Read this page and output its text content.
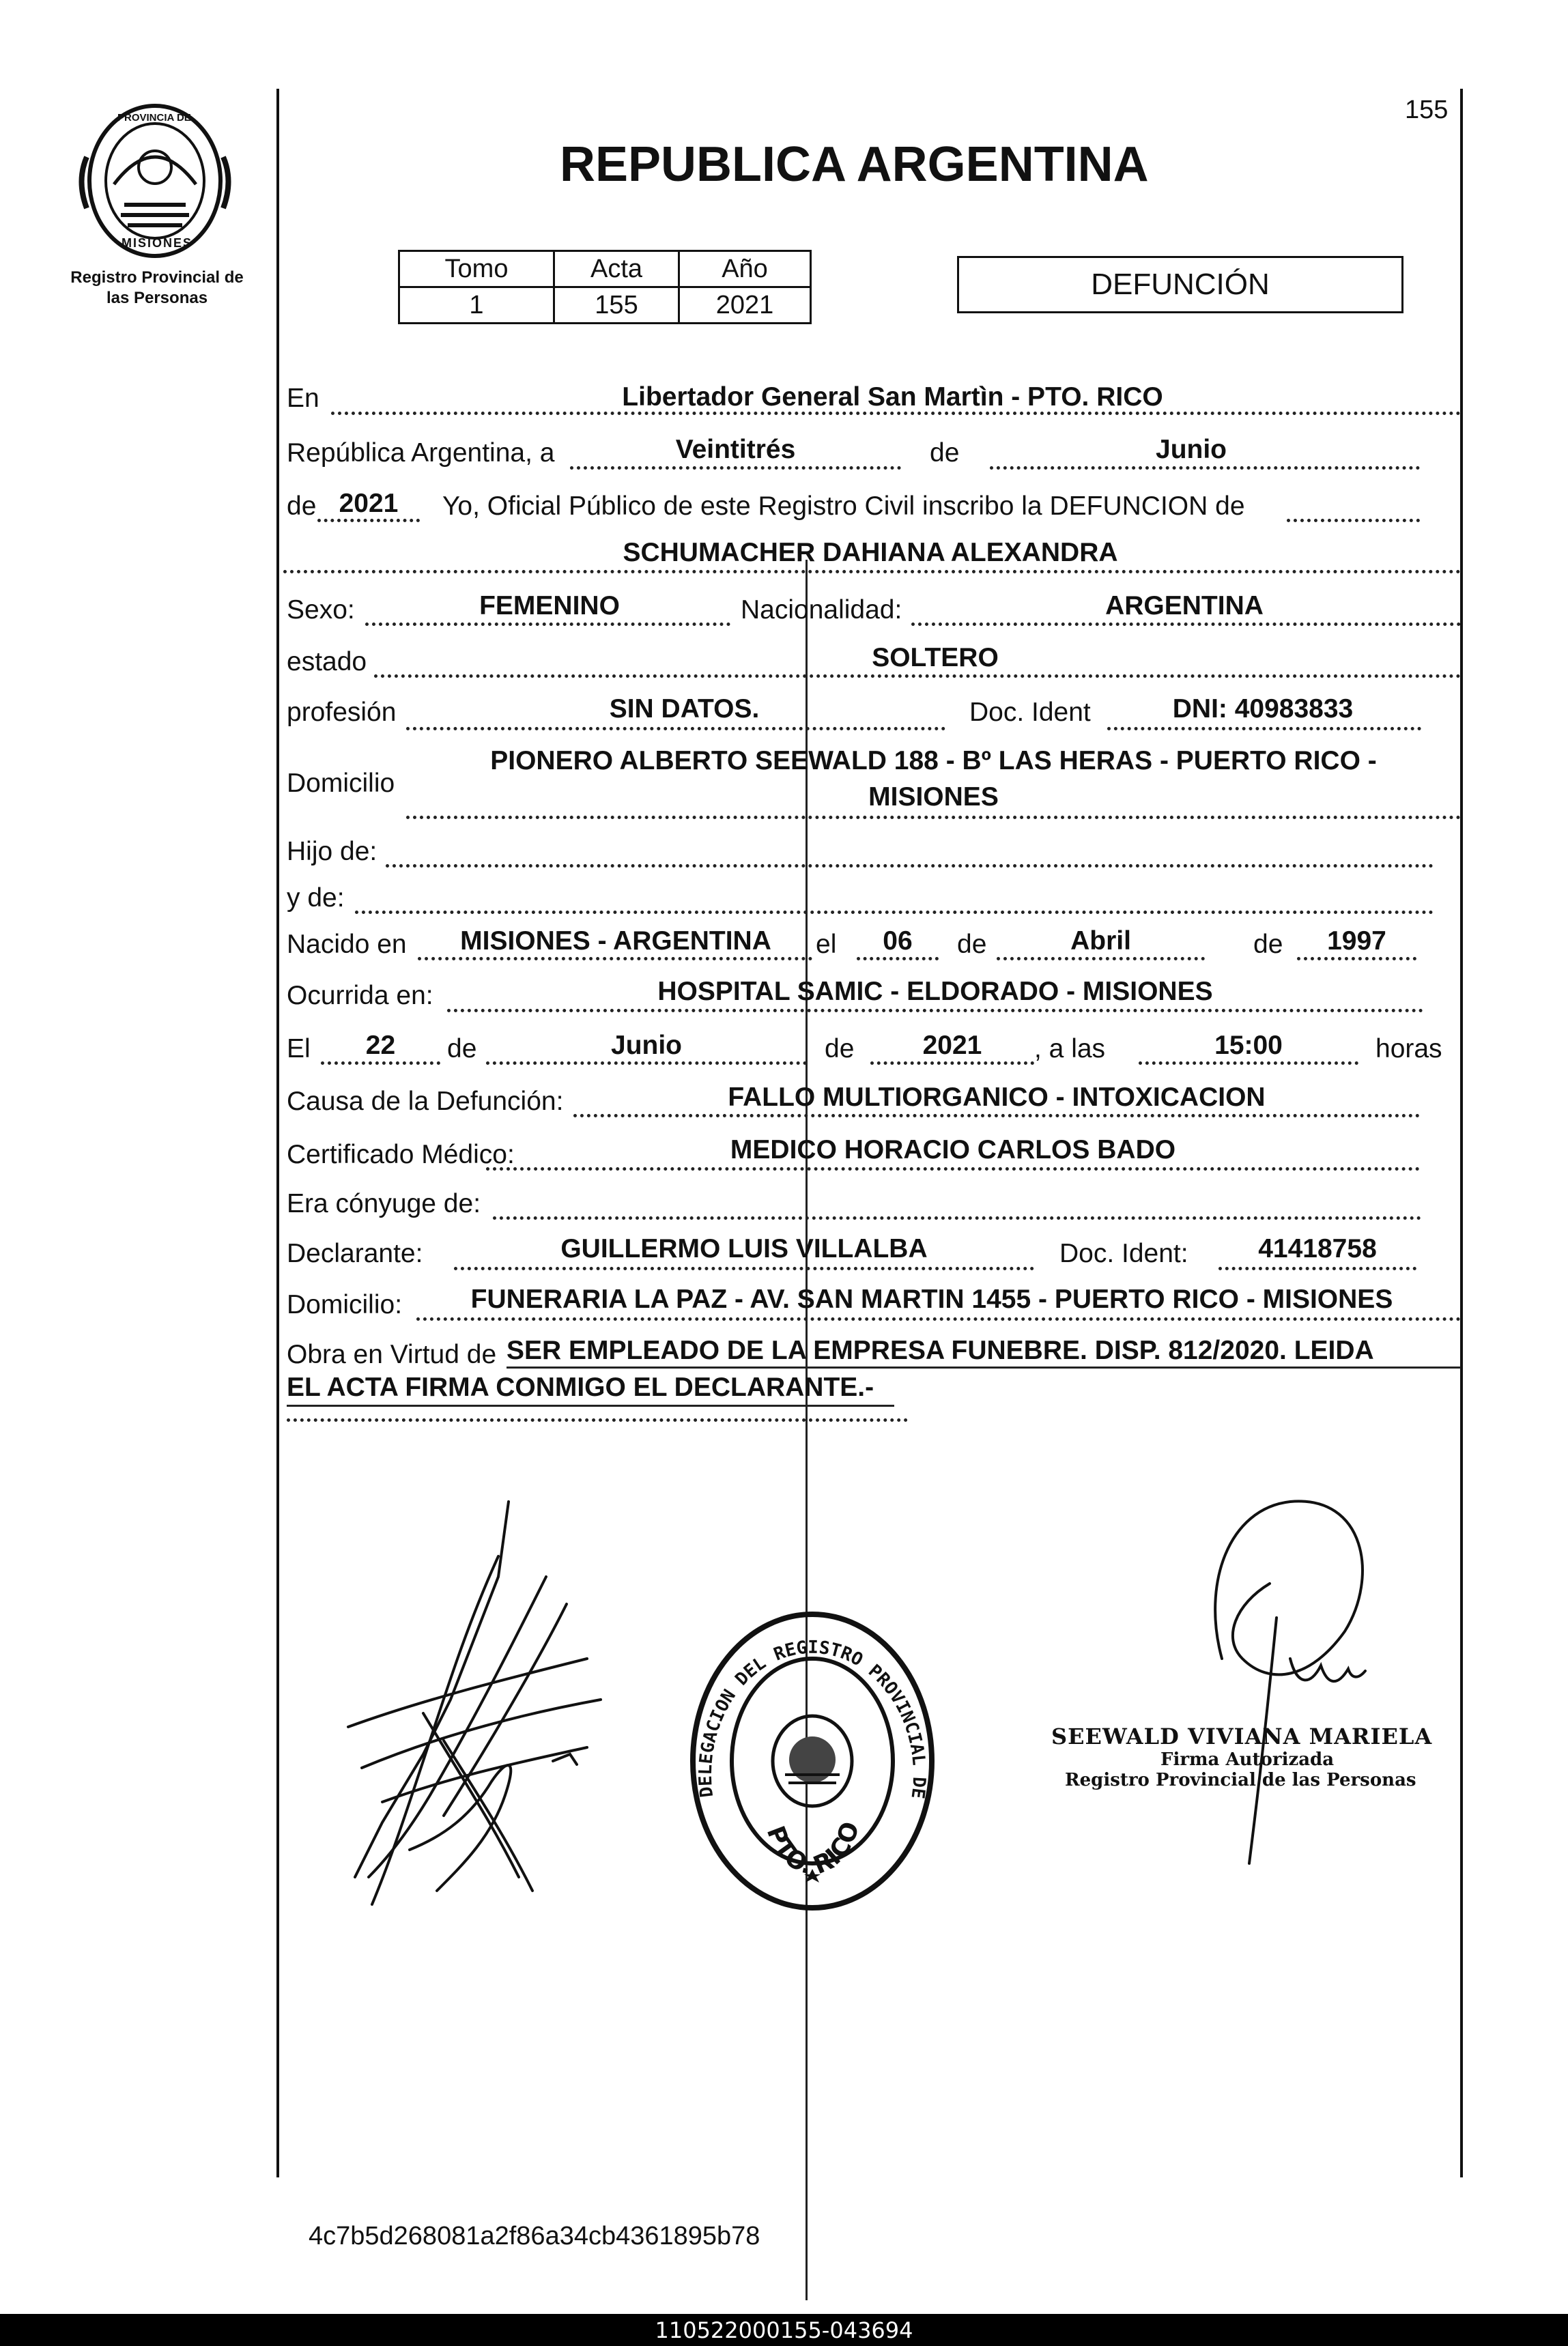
PROVINCIA DE
MISIONES
Registro Provincial de
las Personas
155
REPUBLICA ARGENTINA
Tomo	Acta	Año
1	155	2021
DEFUNCIÓN
En	Libertador General San Martìn - PTO. RICO
República Argentina, a	Veintitrés	de	Junio
de 2021	Yo, Oficial Público de este Registro Civil inscribo la DEFUNCION de
SCHUMACHER DAHIANA ALEXANDRA
Sexo:	FEMENINO	Nacionalidad:	ARGENTINA
estado	SOLTERO
profesión	SIN DATOS.	Doc. Ident	DNI: 40983833
Domicilio
PIONERO ALBERTO SEEWALD 188 - Bº LAS HERAS - PUERTO RICO -
MISIONES
Hijo de:
y de:
Nacido en	MISIONES - ARGENTINA	el	06	de	Abril	de	1997
Ocurrida en:	HOSPITAL SAMIC - ELDORADO - MISIONES
El	22	de	Junio	de	2021	, a las	15:00	horas
Causa de la Defunción:	FALLO MULTIORGANICO - INTOXICACION
Certificado Médico:	MEDICO HORACIO CARLOS BADO
Era cónyuge de:
Declarante:	GUILLERMO LUIS VILLALBA	Doc. Ident:	41418758
Domicilio:	FUNERARIA LA PAZ - AV. SAN MARTIN 1455 - PUERTO RICO - MISIONES
Obra en Virtud de SER EMPLEADO DE LA EMPRESA FUNEBRE. DISP. 812/2020. LEIDA
EL ACTA FIRMA CONMIGO EL DECLARANTE.-
DELEGACION DEL REGISTRO PROVINCIAL DE
PTO. RICO
SEEWALD VIVIANA MARIELA
Firma Autorizada
Registro Provincial de las Personas
4c7b5d268081a2f86a34cb4361895b78
110522000155-043694
